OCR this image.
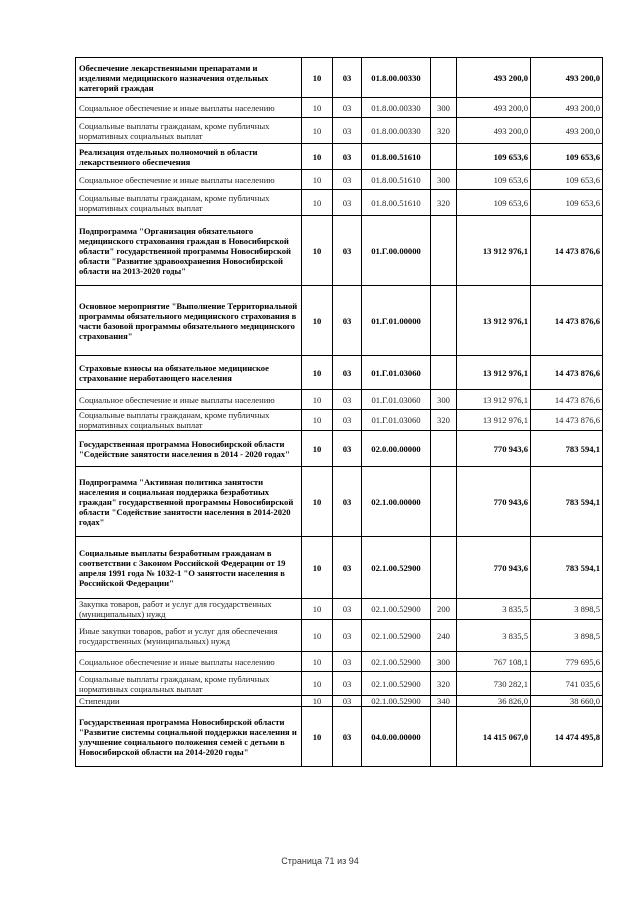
Обеспечение лекарственными препаратами и изделиями медицинского назначения отдельных категорий граждан	10	03	01.8.00.00330		493 200,0	493 200,0
Социальное обеспечение и иные выплаты населению	10	03	01.8.00.00330	300	493 200,0	493 200,0
Социальные выплаты гражданам, кроме публичных нормативных социальных выплат	10	03	01.8.00.00330	320	493 200,0	493 200,0
Реализация отдельных полномочий в области лекарственного обеспечения	10	03	01.8.00.51610		109 653,6	109 653,6
Социальное обеспечение и иные выплаты населению	10	03	01.8.00.51610	300	109 653,6	109 653,6
Социальные выплаты гражданам, кроме публичных нормативных социальных выплат	10	03	01.8.00.51610	320	109 653,6	109 653,6
Подпрограмма "Организация обязательного медицинского страхования граждан в Новосибирской области" государственной программы Новосибирской области "Развитие здравоохранения Новосибирской области на 2013-2020 годы"	10	03	01.Г.00.00000		13 912 976,1	14 473 876,6
Основное мероприятие "Выполнение Территориальной программы обязательного медицинского страхования в части базовой программы обязательного медицинского страхования"	10	03	01.Г.01.00000		13 912 976,1	14 473 876,6
Страховые взносы на обязательное медицинское страхование неработающего населения	10	03	01.Г.01.03060		13 912 976,1	14 473 876,6
Социальное обеспечение и иные выплаты населению	10	03	01.Г.01.03060	300	13 912 976,1	14 473 876,6
Социальные выплаты гражданам, кроме публичных нормативных социальных выплат	10	03	01.Г.01.03060	320	13 912 976,1	14 473 876,6
Государственная программа Новосибирской области "Содействие занятости населения в 2014 - 2020 годах"	10	03	02.0.00.00000		770 943,6	783 594,1
Подпрограмма "Активная политика занятости населения и социальная поддержка безработных граждан" государственной программы Новосибирской области "Содействие занятости населения в 2014-2020 годах"	10	03	02.1.00.00000		770 943,6	783 594,1
Социальные выплаты безработным гражданам в соответствии с Законом Российской Федерации от 19 апреля 1991 года № 1032-1 "О занятости населения в Российской Федерации"	10	03	02.1.00.52900		770 943,6	783 594,1
Закупка товаров, работ и услуг для государственных (муниципальных) нужд	10	03	02.1.00.52900	200	3 835,5	3 898,5
Иные закупки товаров, работ и услуг для обеспечения государственных (муниципальных) нужд	10	03	02.1.00.52900	240	3 835,5	3 898,5
Социальное обеспечение и иные выплаты населению	10	03	02.1.00.52900	300	767 108,1	779 695,6
Социальные выплаты гражданам, кроме публичных нормативных социальных выплат	10	03	02.1.00.52900	320	730 282,1	741 035,6
Стипендии	10	03	02.1.00.52900	340	36 826,0	38 660,0
Государственная программа Новосибирской области "Развитие системы социальной поддержки населения и улучшение социального положения семей с детьми в Новосибирской области на 2014-2020 годы"	10	03	04.0.00.00000		14 415 067,0	14 474 495,8
Страница 71 из 94
